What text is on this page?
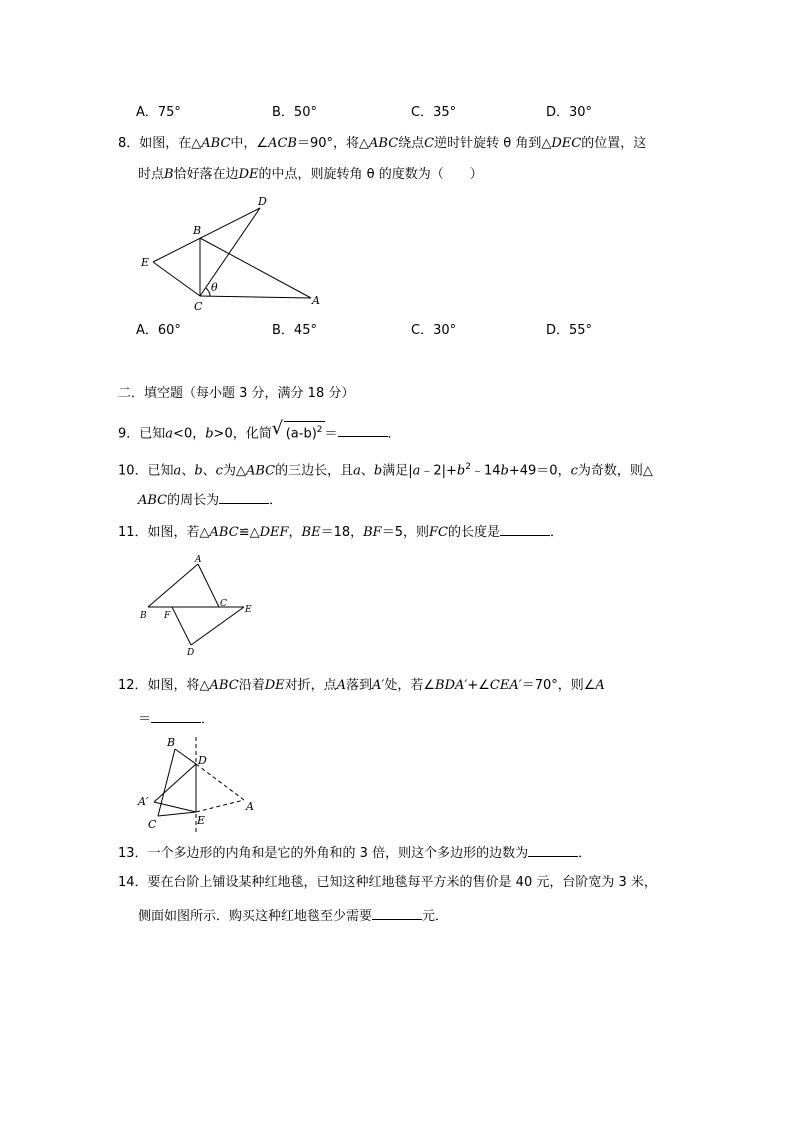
A．75°	B．50°	C．35°	D．30°
8．如图，在△ABC中，∠ACB＝90°，将△ABC绕点C逆时针旋转 θ 角到△DEC的位置，这
时点B恰好落在边DE的中点，则旋转角 θ 的度数为（　　）
D
B
E
C	A
θ
A．60°	B．45°	C．30°	D．55°
二．填空题（每小题 3 分，满分 18 分）
9．已知a<0，b>0，化简 √ $(a-b)^2$ ＝	．
10．已知a、b、c为△ABC的三边长，且a、b满足$|a﹣2|+b^2﹣14b+49=0$，c为奇数，则△
ABC的周长为	．
11．如图，若△ABC≌△DEF，BE＝18，BF＝5，则FC的长度是	．
A
B F
C
E
D
12．如图，将△ABC沿着DE对折，点A落到A′处，若∠BDA′+∠CEA′＝70°，则∠A
＝	．
B
D
A′	A
C	E
13．一个多边形的内角和是它的外角和的 3 倍，则这个多边形的边数为	．
14．要在台阶上铺设某种红地毯，已知这种红地毯每平方米的售价是 40 元，台阶宽为 3 米，
侧面如图所示．购买这种红地毯至少需要	元．
